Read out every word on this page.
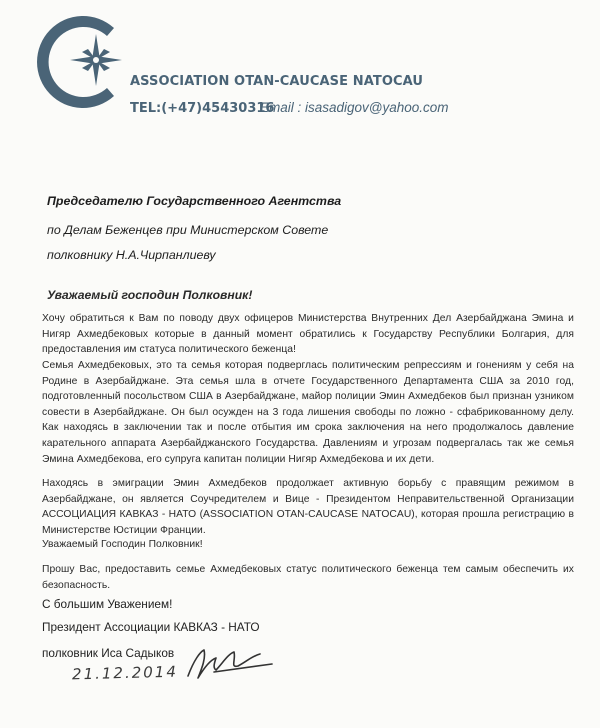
ASSOCIATION OTAN-CAUCASE NATOCAU
TEL:(+47)45430316
Email : isasadigov@yahoo.com
Председателю Государственного Агентства
по Делам Беженцев при Министерском Совете
полковнику Н.А.Чирпанлиеву
Уважаемый господин Полковник!

Хочу обратиться к Вам по поводу двух офицеров Министерства Внутренних Дел Азербайджана Эмина и Нигяр Ахмедбековых которые в данный момент обратились к Государству Республики Болгария, для предоставления им статуса политического беженца!

Семья Ахмедбековых, это та семья которая подверглась политическим репрессиям и гонениям у себя на Родине в Азербайджане. Эта семья шла в отчете Государственного Департамента США за 2010 год, подготовленный посольством США в Азербайджане, майор полиции Эмин Ахмедбеков был признан узником совести в Азербайджане. Он был осужден на 3 года лишения свободы по ложно - сфабрикованному делу. Как находясь в заключении так и после отбытия им срока заключения на него продолжалось давление карательного аппарата Азербайджанского Государства. Давлениям и угрозам подвергалась так же семья Эмина Ахмедбекова, его супруга капитан полиции Нигяр Ахмедбекова и их дети.

Находясь в эмиграции Эмин Ахмедбеков продолжает активную борьбу с правящим режимом в Азербайджане, он является Соучредителем и Вице - Президентом Неправительственной Организации АССОЦИАЦИЯ КАВКАЗ - НАТО (ASSOCIATION OTAN-CAUCASE NATOCAU), которая прошла регистрацию в Министерстве Юстиции Франции.

Уважаемый Господин Полковник!

Прошу Вас, предоставить семье Ахмедбековых статус политического беженца тем самым обеспечить их безопасность.

С большим Уважением!
Президент Ассоциации КАВКАЗ - НАТО
полковник Иса Садыков
21.12.2014
